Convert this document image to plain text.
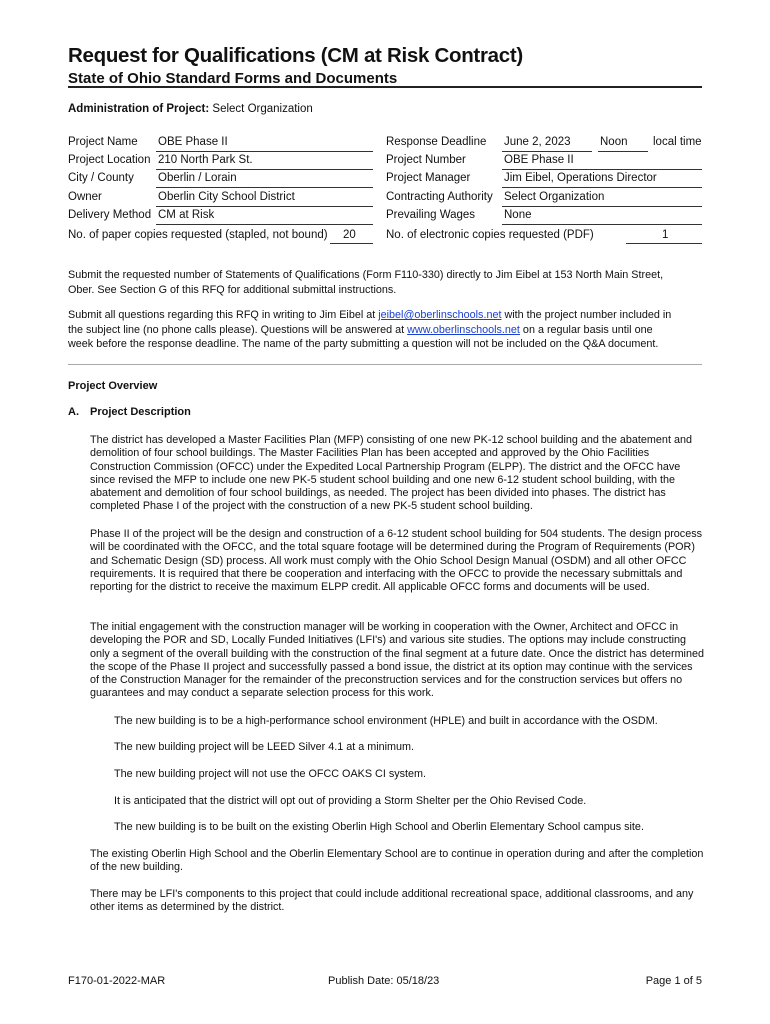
Request for Qualifications (CM at Risk Contract)
State of Ohio Standard Forms and Documents
Administration of Project: Select Organization
Project Name OBE Phase II
Project Location 210 North Park St.
City / County Oberlin / Lorain
Owner	Oberlin City School District
Delivery Method CM at Risk
No. of paper copies requested (stapled, not bound) 20
Response Deadline June 2, 2023	Noon local time
Project Number	OBE Phase II
Project Manager	Jim Eibel, Operations Director
Contracting Authority Select Organization
Prevailing Wages	None
No. of electronic copies requested (PDF)	1
Submit the requested number of Statements of Qualifications (Form F110-330) directly to Jim Eibel at 153 North Main Street,
Ober. See Section G of this RFQ for additional submittal instructions.
Submit all questions regarding this RFQ in writing to Jim Eibel at jeibel@oberlinschools.net with the project number included in
the subject line (no phone calls please). Questions will be answered at www.oberlinschools.net on a regular basis until one
week before the response deadline. The name of the party submitting a question will not be included on the Q&A document.
Project Overview
A. Project Description

The district has developed a Master Facilities Plan (MFP) consisting of one new PK-12 school building and the abatement and demolition of four school buildings. The Master Facilities Plan has been accepted and approved by the Ohio Facilities Construction Commission (OFCC) under the Expedited Local Partnership Program (ELPP). The district and the OFCC have since revised the MFP to include one new PK-5 student school building and one new 6-12 student school building, with the abatement and demolition of four school buildings, as needed. The project has been divided into phases. The district has completed Phase I of the project with the construction of a new PK-5 student school building.

Phase II of the project will be the design and construction of a 6-12 student school building for 504 students. The design process will be coordinated with the OFCC, and the total square footage will be determined during the Program of Requirements (POR) and Schematic Design (SD) process. All work must comply with the Ohio School Design Manual (OSDM) and all other OFCC requirements. It is required that there be cooperation and interfacing with the OFCC to provide the necessary submittals and reporting for the district to receive the maximum ELPP credit. All applicable OFCC forms and documents will be used.

The initial engagement with the construction manager will be working in cooperation with the Owner, Architect and OFCC in developing the POR and SD, Locally Funded Initiatives (LFI's) and various site studies. The options may include constructing only a segment of the overall building with the construction of the final segment at a future date. Once the district has determined the scope of the Phase II project and successfully passed a bond issue, the district at its option may continue with the services of the Construction Manager for the remainder of the preconstruction services and for the construction services but offers no guarantees and may conduct a separate selection process for this work.

The new building is to be a high-performance school environment (HPLE) and built in accordance with the OSDM.

The new building project will be LEED Silver 4.1 at a minimum.

The new building project will not use the OFCC OAKS CI system.

It is anticipated that the district will opt out of providing a Storm Shelter per the Ohio Revised Code.

The new building is to be built on the existing Oberlin High School and Oberlin Elementary School campus site.

The existing Oberlin High School and the Oberlin Elementary School are to continue in operation during and after the completion of the new building.

There may be LFI's components to this project that could include additional recreational space, additional classrooms, and any other items as determined by the district.

F170-01-2022-MAR	Publish Date: 05/18/23	Page 1 of 5
